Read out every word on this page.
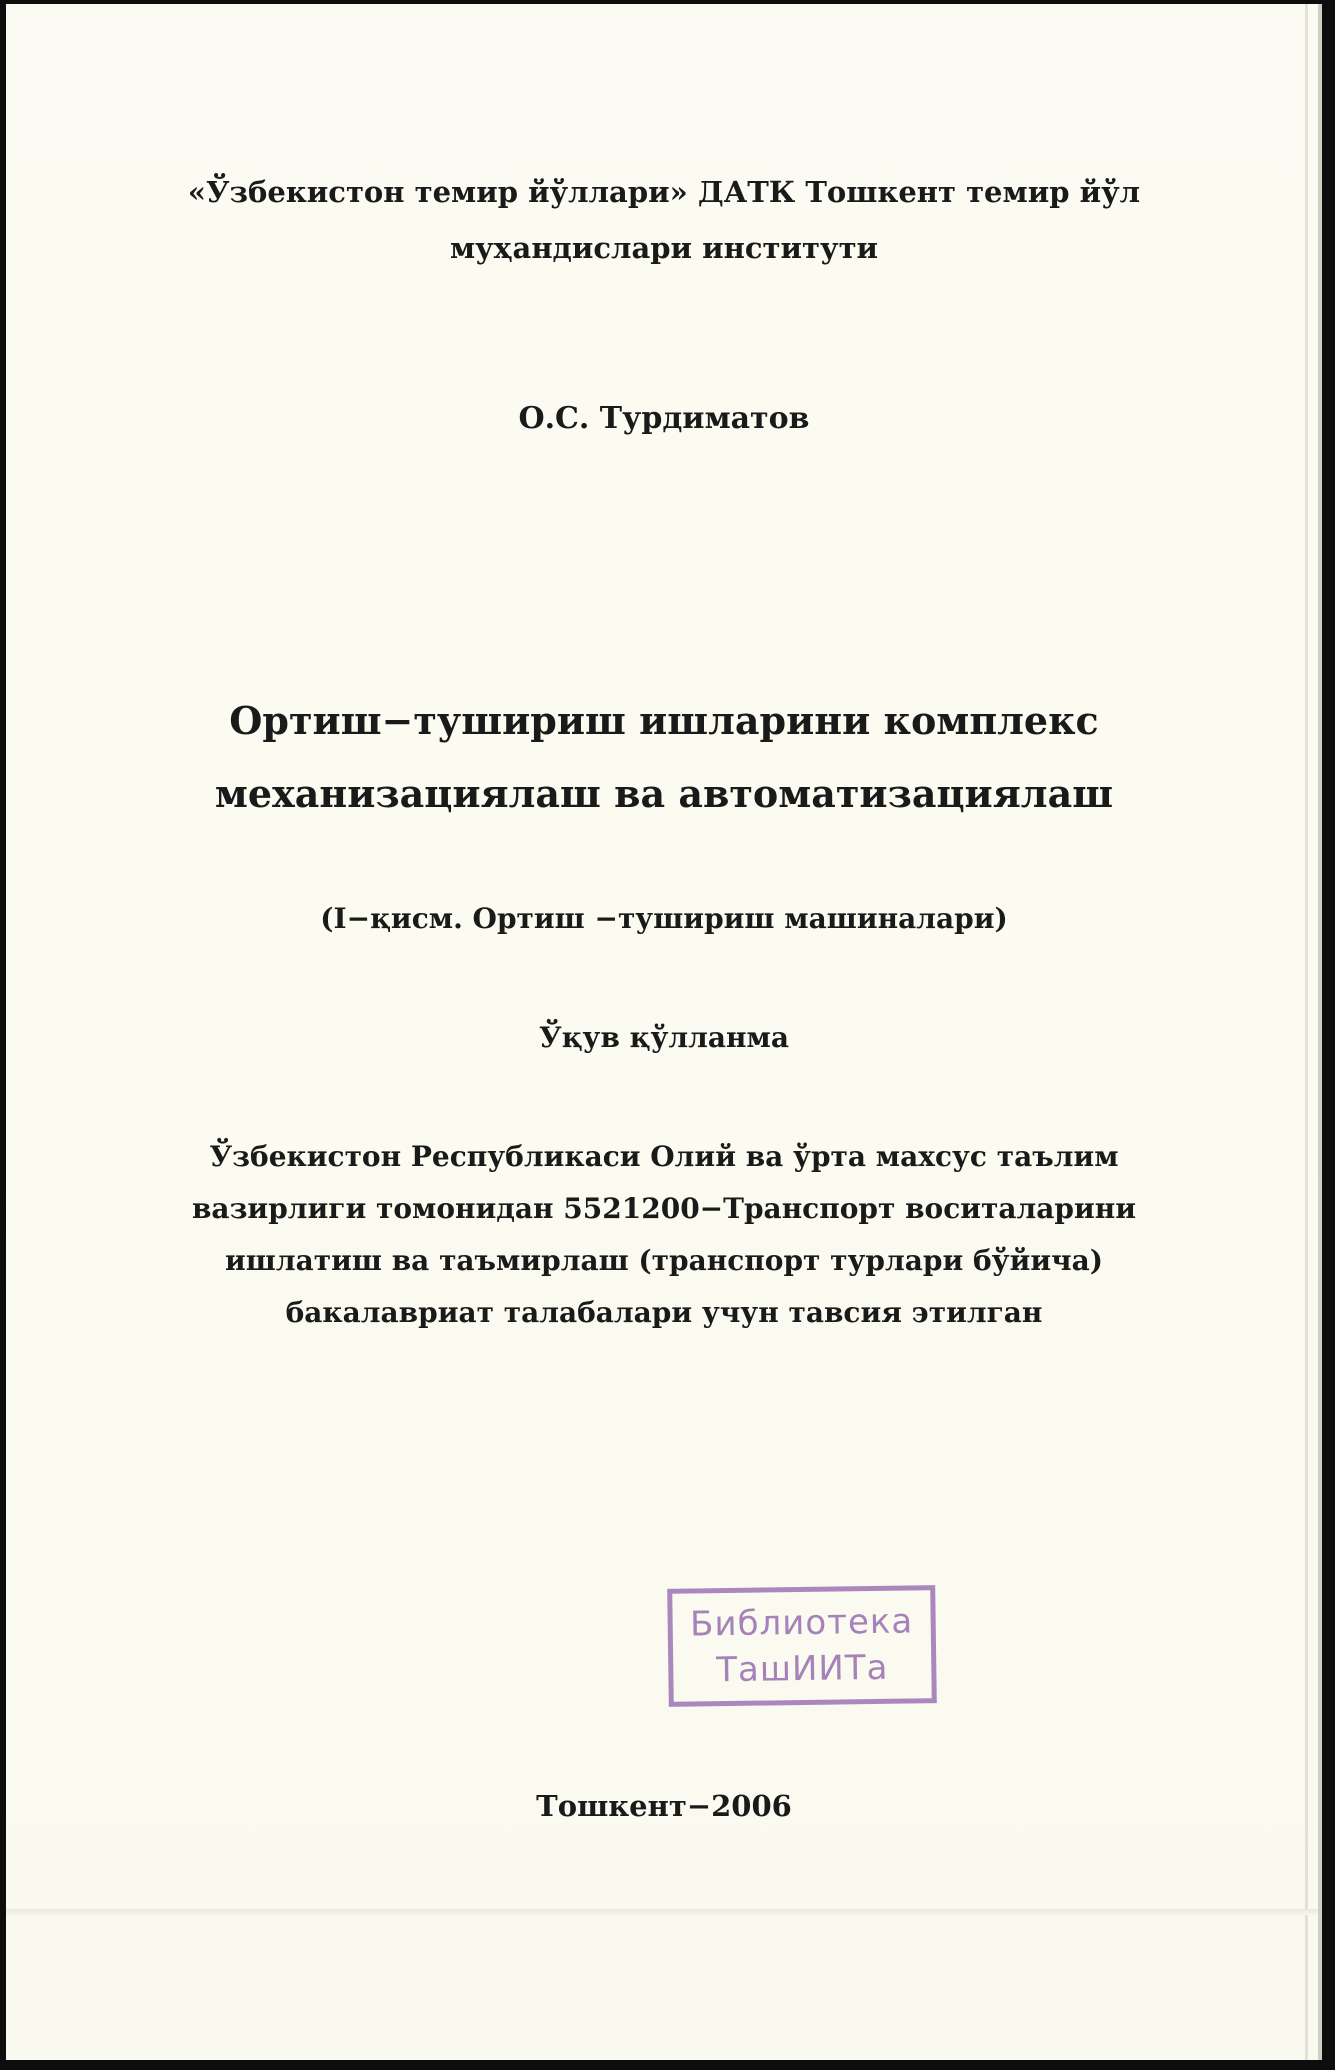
«Ўзбекистон темир йўллари» ДАТК Тошкент темир йўл
муҳандислари институти
О.С. Турдиматов
Ортиш−тушириш ишларини комплекс
механизациялаш ва автоматизациялаш
(I−қисм. Ортиш −тушириш машиналари)
Ўқув қўлланма
Ўзбекистон Республикаси Олий ва ўрта махсус таълим
вазирлиги томонидан 5521200−Транспорт воситаларини
ишлатиш ва таъмирлаш (транспорт турлари бўйича)
бакалавриат талабалари учун тавсия этилган
Библиотека
ТашИИТа
Тошкент−2006
